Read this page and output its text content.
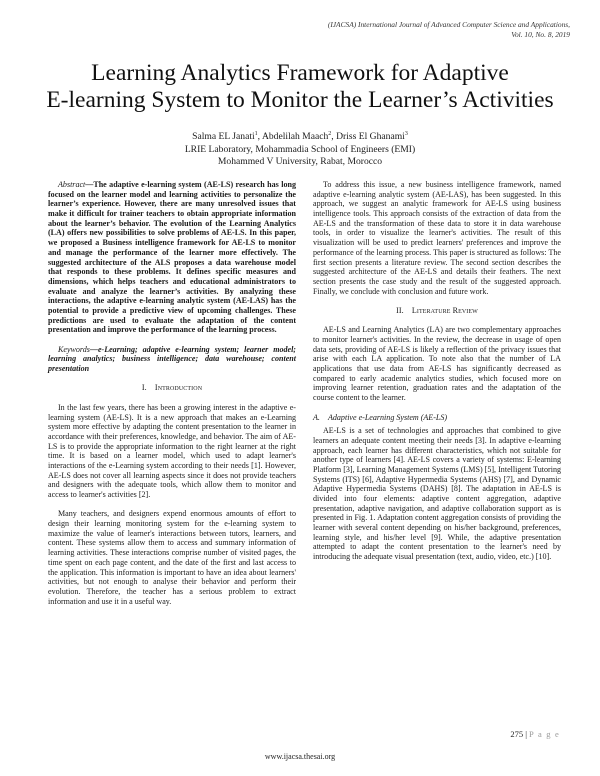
(IJACSA) International Journal of Advanced Computer Science and Applications,
Vol. 10, No. 8, 2019
Learning Analytics Framework for Adaptive
E-learning System to Monitor the Learner’s Activities
Salma EL Janati$^1$, Abdelilah Maach$^2$, Driss El Ghanami$^3$
LRIE Laboratory, Mohammadia School of Engineers (EMI)
Mohammed V University, Rabat, Morocco

Abstract—The adaptive e-learning system (AE-LS) research has long focused on the learner model and learning activities to personalize the learner’s experience. However, there are many unresolved issues that make it difficult for trainer teachers to obtain appropriate information about the learner’s behavior. The evolution of the Learning Analytics (LA) offers new possibilities to solve problems of AE-LS. In this paper, we proposed a Business intelligence framework for AE-LS to monitor and manage the performance of the learner more effectively. The suggested architecture of the ALS proposes a data warehouse model that responds to these problems. It defines specific measures and dimensions, which helps teachers and educational administrators to evaluate and analyze the learner’s activities. By analyzing these interactions, the adaptive e-learning analytic system (AE-LAS) has the potential to provide a predictive view of upcoming challenges. These predictions are used to evaluate the adaptation of the content presentation and improve the performance of the learning process.

Keywords—e-Learning; adaptive e-learning system; learner model; learning analytics; business intelligence; data warehouse; content presentation

I. Introduction

In the last few years, there has been a growing interest in the adaptive e-learning system (AE-LS). It is a new approach that makes an e-Learning system more effective by adapting the content presentation to the learner in accordance with their preferences, knowledge, and behavior. The aim of AE-LS is to provide the appropriate information to the right learner at the right time. It is based on a learner model, which used to adapt learner's interactions of the e-Learning system according to their needs [1]. However, AE-LS does not cover all learning aspects since it does not provide teachers and designers with the adequate tools, which allow them to monitor and access to learner's activities [2].

Many teachers, and designers expend enormous amounts of effort to design their learning monitoring system for the e-learning system to maximize the value of learner's interactions between tutors, learners, and content. These systems allow them to access and summary information of learning activities. These interactions comprise number of visited pages, the time spent on each page content, and the date of the first and last access to the application. This information is important to have an idea about learners' activities, but not enough to analyse their behavior and perform their evolution. Therefore, the teacher has a serious problem to extract information and use it in a useful way.

To address this issue, a new business intelligence framework, named adaptive e-learning analytic system (AE-LAS), has been suggested. In this approach, we suggest an analytic framework for AE-LS using business intelligence tools. This approach consists of the extraction of data from the AE-LS and the transformation of these data to store it in data warehouse tools, in order to visualize the learner's activities. The result of this visualization will be used to predict learners' preferences and improve the performance of the learning process. This paper is structured as follows: The first section presents a literature review. The second section describes the suggested architecture of the AE-LS and details their feathers. The next section presents the case study and the result of the suggested approach. Finally, we conclude with conclusion and future work.

II. Literature Review

AE-LS and Learning Analytics (LA) are two complementary approaches to monitor learner's activities. In the review, the decrease in usage of open data sets, providing of AE-LS is likely a reflection of the privacy issues that arise with each LA application. To note also that the number of LA applications that use data from AE-LS has significantly decreased as compared to early academic analytics studies, which focused more on improving learner retention, graduation rates and the adaptation of the course content to the learner.

A. Adaptive e-Learning System (AE-LS)

AE-LS is a set of technologies and approaches that combined to give learners an adequate content meeting their needs [3]. In adaptive e-learning approach, each learner has different characteristics, which not suitable for another type of learners [4]. AE-LS covers a variety of systems: E-learning Platform [3], Learning Management Systems (LMS) [5], Intelligent Tutoring Systems (ITS) [6], Adaptive Hypermedia Systems (AHS) [7], and Dynamic Adaptive Hypermedia Systems (DAHS) [8]. The adaptation in AE-LS is divided into four elements: adaptive content aggregation, adaptive presentation, adaptive navigation, and adaptive collaboration support as is presented in Fig. 1. Adaptation content aggregation consists of providing the learner with several content depending on his/her background, preferences, learning style, and his/her level [9]. While, the adaptive presentation attempted to adapt the content presentation to the learner's need by introducing the adequate visual presentation (text, audio, video, etc.) [10].

275 | P a g e
www.ijacsa.thesai.org
